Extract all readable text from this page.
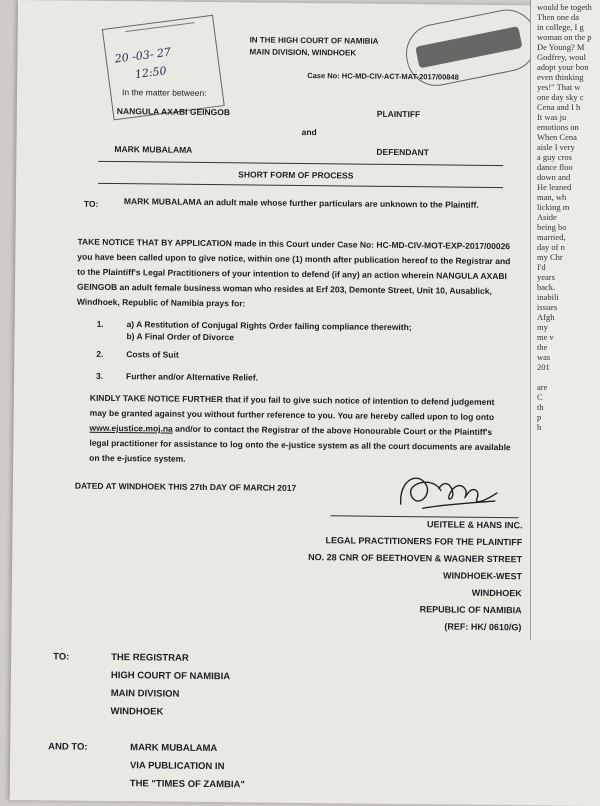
20 -03- 27
12:50
IN THE HIGH COURT OF NAMIBIA
MAIN DIVISION, WINDHOEK
Case No: HC-MD-CIV-ACT-MAT-2017/00848
In the matter between:
NANGULA AXABI GEINGOB	PLAINTIFF
and
MARK MUBALAMA	DEFENDANT
SHORT FORM OF PROCESS
TO:	MARK MUBALAMA an adult male whose further particulars are unknown to the Plaintiff.
TAKE NOTICE THAT BY APPLICATION made in this Court under Case No: HC-MD-CIV-MOT-EXP-2017/00026 you have been called upon to give notice, within one (1) month after publication hereof to the Registrar and to the Plaintiff's Legal Practitioners of your intention to defend (if any) an action wherein NANGULA AXABI GEINGOB an adult female business woman who resides at Erf 203, Demonte Street, Unit 10, Ausablick, Windhoek, Republic of Namibia prays for:
1.	a) A Restitution of Conjugal Rights Order failing compliance therewith;
b) A Final Order of Divorce
2.	Costs of Suit
3.	Further and/or Alternative Relief.
KINDLY TAKE NOTICE FURTHER that if you fail to give such notice of intention to defend judgement may be granted against you without further reference to you. You are hereby called upon to log onto www.ejustice.moj.na and/or to contact the Registrar of the above Honourable Court or the Plaintiff's legal practitioner for assistance to log onto the e-justice system as all the court documents are available on the e-justice system.
DATED AT WINDHOEK THIS 27th DAY OF MARCH 2017
UEITELE & HANS INC.
LEGAL PRACTITIONERS FOR THE PLAINTIFF
NO. 28 CNR OF BEETHOVEN & WAGNER STREET
WINDHOEK-WEST
WINDHOEK
REPUBLIC OF NAMIBIA
(REF: HK/ 0610/G)
TO:	THE REGISTRAR
HIGH COURT OF NAMIBIA
MAIN DIVISION
WINDHOEK
AND TO:	MARK MUBALAMA
VIA PUBLICATION IN
THE "TIMES OF ZAMBIA"
would be togeth
Then one da
in college, I g
woman on the p
De Young? M
Godfrey, woul
adopt your bon
even thinking
yes!" That w
one day sky c
Cena and I h
It was ju
emotions on
When Cena
aisle I very
a guy cros
dance floo
down and
He leaned
man, wh
licking m
Aside
being bo
married,
day of n
my Chr
I'd
years
back.
inabili
issues
Afgh
my
me v
the
was
201

are
C
th
p
h
